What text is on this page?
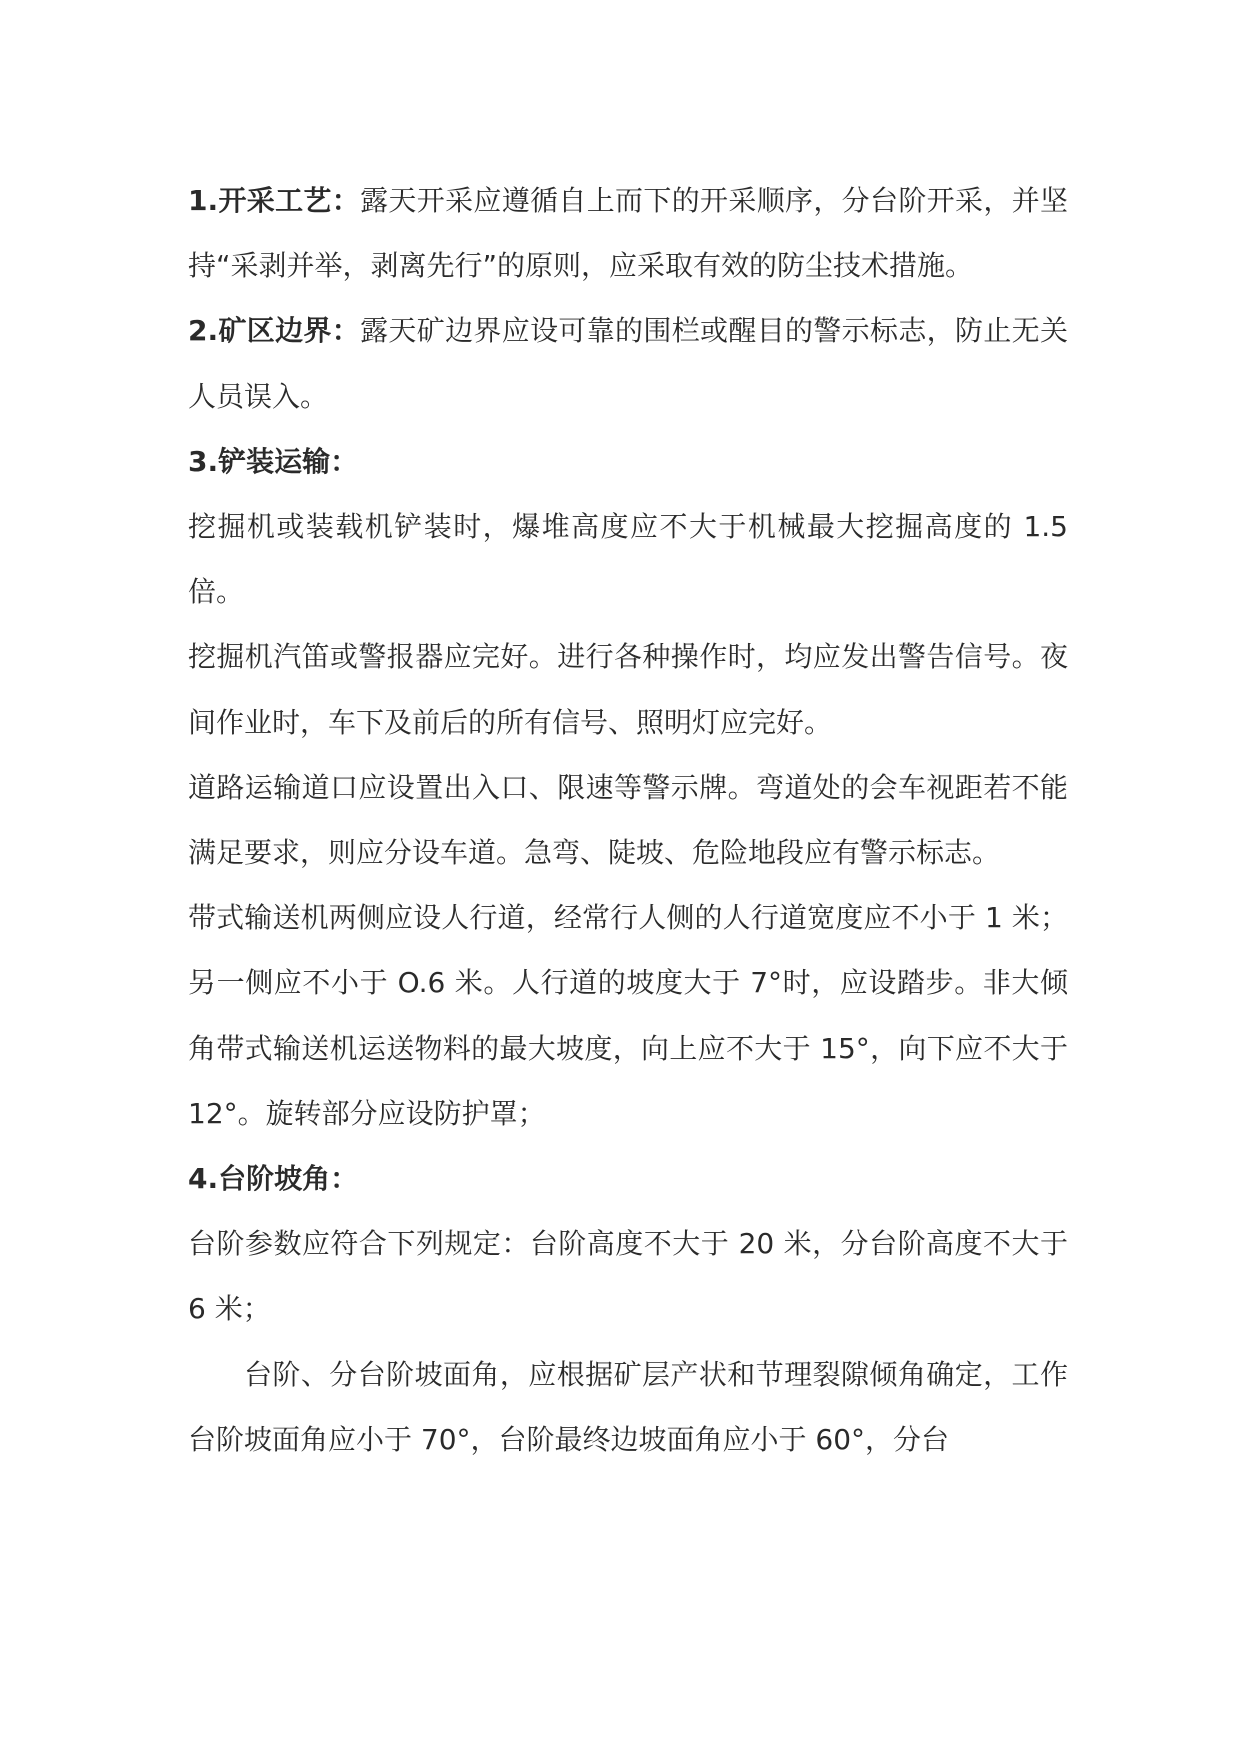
1.开采工艺：露天开采应遵循自上而下的开采顺序，分台阶开采，并坚持“采剥并举，剥离先行”的原则，应采取有效的防尘技术措施。

2.矿区边界：露天矿边界应设可靠的围栏或醒目的警示标志，防止无关人员误入。

3.铲装运输：

挖掘机或装载机铲装时，爆堆高度应不大于机械最大挖掘高度的 1.5 倍。

挖掘机汽笛或警报器应完好。进行各种操作时，均应发出警告信号。夜间作业时，车下及前后的所有信号、照明灯应完好。

道路运输道口应设置出入口、限速等警示牌。弯道处的会车视距若不能满足要求，则应分设车道。急弯、陡坡、危险地段应有警示标志。

带式输送机两侧应设人行道，经常行人侧的人行道宽度应不小于 1 米；另一侧应不小于 O.6 米。人行道的坡度大于 7°时，应设踏步。非大倾角带式输送机运送物料的最大坡度，向上应不大于 15°，向下应不大于 12°。旋转部分应设防护罩；

4.台阶坡角：

台阶参数应符合下列规定：台阶高度不大于 20 米，分台阶高度不大于 6 米；

台阶、分台阶坡面角，应根据矿层产状和节理裂隙倾角确定，工作台阶坡面角应小于 70°，台阶最终边坡面角应小于 60°，分台
